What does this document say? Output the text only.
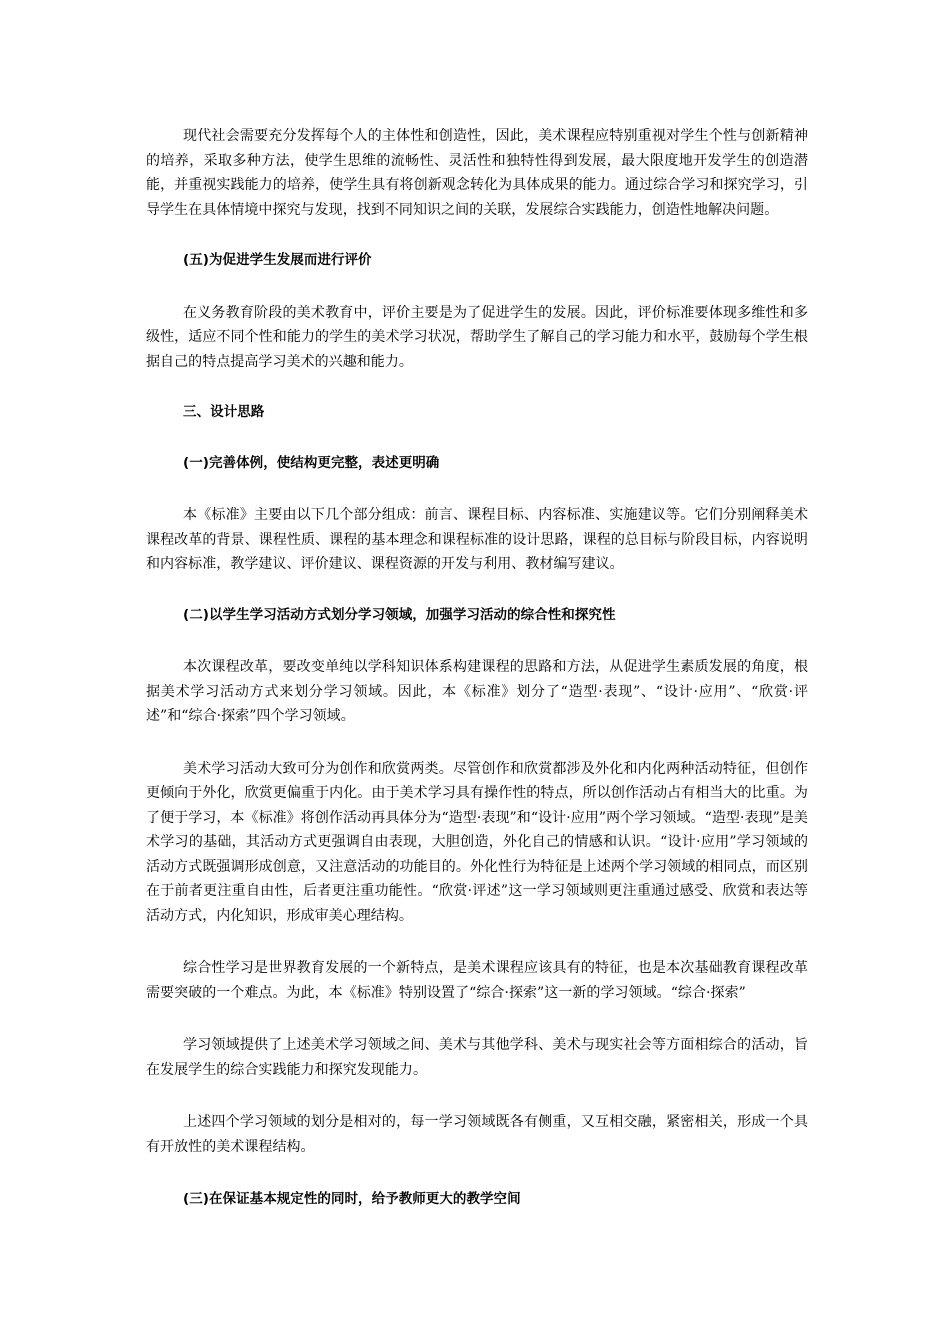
现代社会需要充分发挥每个人的主体性和创造性，因此，美术课程应特别重视对学生个性与创新精神的培养，采取多种方法，使学生思维的流畅性、灵活性和独特性得到发展，最大限度地开发学生的创造潜能，并重视实践能力的培养，使学生具有将创新观念转化为具体成果的能力。通过综合学习和探究学习，引导学生在具体情境中探究与发现，找到不同知识之间的关联，发展综合实践能力，创造性地解决问题。

(五)为促进学生发展而进行评价

在义务教育阶段的美术教育中，评价主要是为了促进学生的发展。因此，评价标准要体现多维性和多级性，适应不同个性和能力的学生的美术学习状况，帮助学生了解自己的学习能力和水平，鼓励每个学生根据自己的特点提高学习美术的兴趣和能力。

三、设计思路

(一)完善体例，使结构更完整，表述更明确

本《标准》主要由以下几个部分组成：前言、课程目标、内容标准、实施建议等。它们分别阐释美术课程改革的背景、课程性质、课程的基本理念和课程标准的设计思路，课程的总目标与阶段目标，内容说明和内容标准，教学建议、评价建议、课程资源的开发与利用、教材编写建议。

(二)以学生学习活动方式划分学习领域，加强学习活动的综合性和探究性

本次课程改革，要改变单纯以学科知识体系构建课程的思路和方法，从促进学生素质发展的角度，根据美术学习活动方式来划分学习领域。因此，本《标准》划分了“造型·表现”、“设计·应用”、“欣赏·评述”和“综合·探索”四个学习领域。

美术学习活动大致可分为创作和欣赏两类。尽管创作和欣赏都涉及外化和内化两种活动特征，但创作更倾向于外化，欣赏更偏重于内化。由于美术学习具有操作性的特点，所以创作活动占有相当大的比重。为了便于学习，本《标准》将创作活动再具体分为“造型·表现”和“设计·应用”两个学习领域。“造型·表现”是美术学习的基础，其活动方式更强调自由表现，大胆创造，外化自己的情感和认识。“设计·应用”学习领域的活动方式既强调形成创意，又注意活动的功能目的。外化性行为特征是上述两个学习领域的相同点，而区别在于前者更注重自由性，后者更注重功能性。“欣赏·评述”这一学习领域则更注重通过感受、欣赏和表达等活动方式，内化知识，形成审美心理结构。

综合性学习是世界教育发展的一个新特点，是美术课程应该具有的特征，也是本次基础教育课程改革需要突破的一个难点。为此，本《标准》特别设置了“综合·探索”这一新的学习领域。“综合·探索”

学习领域提供了上述美术学习领域之间、美术与其他学科、美术与现实社会等方面相综合的活动，旨在发展学生的综合实践能力和探究发现能力。

上述四个学习领域的划分是相对的，每一学习领域既各有侧重，又互相交融，紧密相关，形成一个具有开放性的美术课程结构。

(三)在保证基本规定性的同时，给予教师更大的教学空间
